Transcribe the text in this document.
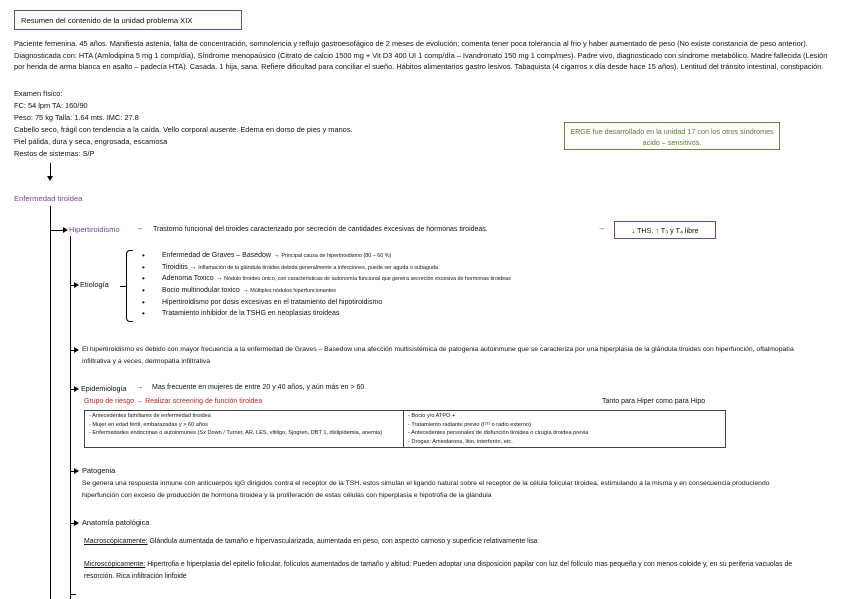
Resumen del contenido de la unidad problema XIX
Paciente femenina. 45 años. Manifiesta astenia, falta de concentración, somnolencia y reflujo gastroesofágico de 2 meses de evolución; comenta tener poca tolerancia al frio y haber aumentado de peso (No existe constancia de peso anterior). Diagnosticada con: HTA (Amlodipina 5 mg 1 comp/día), Síndrome menopaúsico (Citrato de calcio 1500 mg + Vit D3 400 UI 1 comp/día – Ivandronato 150 mg 1 comp/mes). Padre vivo, diagnosticado con síndrome metabólico. Madre fallecida (Lesión por herida de arma blanca en asalto – padecía HTA). Casada. 1 hija, sana. Refiere dificultad para conciliar el sueño. Hábitos alimentarios gastro lesivos. Tabaquista (4 cigarros x día desde hace 15 años). Lentitud del tránsito intestinal, constipación.
Examen físico:
FC: 54 lpm TA: 160/90
Peso: 75 kg Talla: 1.64 mts. IMC: 27.8
Cabello seco, frágil con tendencia a la caída. Vello corporal ausente. Edema en dorso de pies y manos.
Piel pálida, dura y seca, engrosada, escamosa
Restos de sistemas: S/P
ERGE fue desarrollado en la unidad 17 con los otros síndromes acido – sensitivos.
Enfermedad tiroidea
Hipertiroidismo → Trastorno funcional del tiroides caracterizado por secreción de cantidades excesivas de hormonas tiroideas.	→	↓ THS. ↑ T₃ y T₄ libre
Etiología
• Enfermedad de Graves – Basedow → Principal causa de hipertiroidismo (80 – 60 %)
• Tiroiditis → Inflamación de la glándula tiroides debida generalmente a infecciones, puede ser aguda o subaguda
• Adenoma Toxico → Nódulo tiroideo único, con características de autonomía funcional que genera secreción excesiva de hormonas tiroideas
• Bocio multinodular toxico → Múltiples nódulos hiperfuncionantes
• Hipertiroidismo por dosis excesivas en el tratamiento del hipotiroidismo
• Tratamiento inhibidor de la TSHG en neoplasias tiroideas
El hipertiroidismo es debido con mayor frecuencia a la enfermedad de Graves – Basedow una afección multisistémica de patogenia autoinmune que se caracteriza por una hiperplasia de la glándula tiroides con hiperfunción, oftalmopatía infiltrativa y a veces, dermopatía infiltrativa
Epidemiología → Mas frecuente en mujeres de entre 20 y 40 años, y aún más en > 60
Grupo de riesgo → Realizar screening de función tiroidea	Tanto para Hiper como para Hipo
- Antecedentes familiares de enfermedad tiroidea
- Mujer en edad fértil, embarazadas y > 60 años
- Enfermedades endocrinas o autoinmunes (Sx Down / Turner, AR, LES, vitiligo, Sjogren, DBT 1, dislipidemia, anemia)

- Bocio y/o ATPO +
- Tratamiento radiante previo (I¹³¹ o radio externo)
- Antecedentes personales de disfunción tiroidea o cirugía tiroidea previa
- Drogas: Amiodarona, litio, interferón, etc.
Patogenia
Se genera una respuesta inmune con anticuerpos IgG dirigidos contra el receptor de la TSH, estos simulan el ligando natural sobre el receptor de la célula folicular tiroidea, estimulando a la misma y en consecuencia produciendo hiperfunción con exceso de producción de hormona tiroidea y la proliferación de estas células con hiperplasia e hipotrofia de la glándula
Anatomía patológica
Macroscópicamente: Glándula aumentada de tamaño e hipervascularizada, aumentada en peso, con aspecto carnoso y superficie relativamente lisa
Microscópicamente: Hipertrofia e hiperplasia del epitelio folicular, folículos aumentados de tamaño y altitud. Pueden adoptar una disposición papilar con luz del folículo mas pequeña y con menos coloide y, en su periferia vacuolas de resorción. Rica infiltración linfoide
